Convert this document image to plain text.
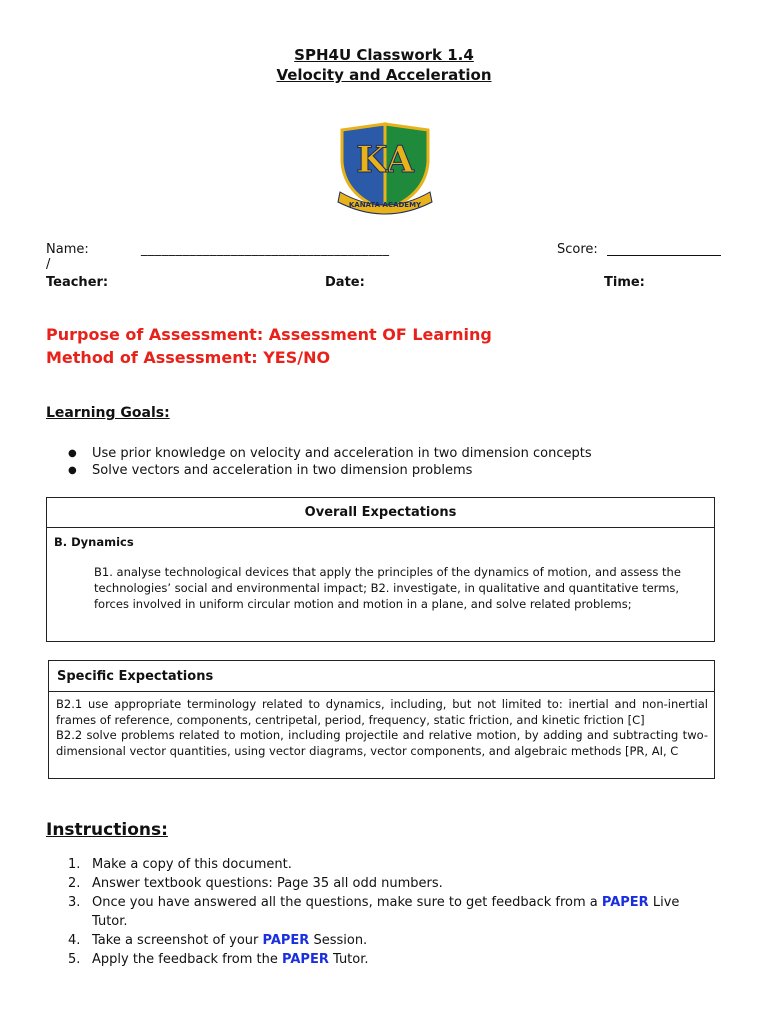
SPH4U Classwork 1.4
Velocity and Acceleration
KA
KANATA ACADEMY
Name:	____________________________________
/
Score:
Teacher:	Date:	Time:
Purpose of Assessment: Assessment OF Learning
Method of Assessment: YES/NO
Learning Goals:
● Use prior knowledge on velocity and acceleration in two dimension concepts
● Solve vectors and acceleration in two dimension problems
Overall Expectations
B. Dynamics
B1. analyse technological devices that apply the principles of the dynamics of motion, and assess the technologies’ social and environmental impact; B2. investigate, in qualitative and quantitative terms, forces involved in uniform circular motion and motion in a plane, and solve related problems;
Specific Expectations
B2.1 use appropriate terminology related to dynamics, including, but not limited to: inertial and non-inertial frames of reference, components, centripetal, period, frequency, static friction, and kinetic friction [C]
B2.2 solve problems related to motion, including projectile and relative motion, by adding and subtracting two-dimensional vector quantities, using vector diagrams, vector components, and algebraic methods [PR, AI, C
Instructions:
1. Make a copy of this document.
2. Answer textbook questions: Page 35 all odd numbers.
3. Once you have answered all the questions, make sure to get feedback from a PAPER Live Tutor.
4. Take a screenshot of your PAPER Session.
5. Apply the feedback from the PAPER Tutor.
